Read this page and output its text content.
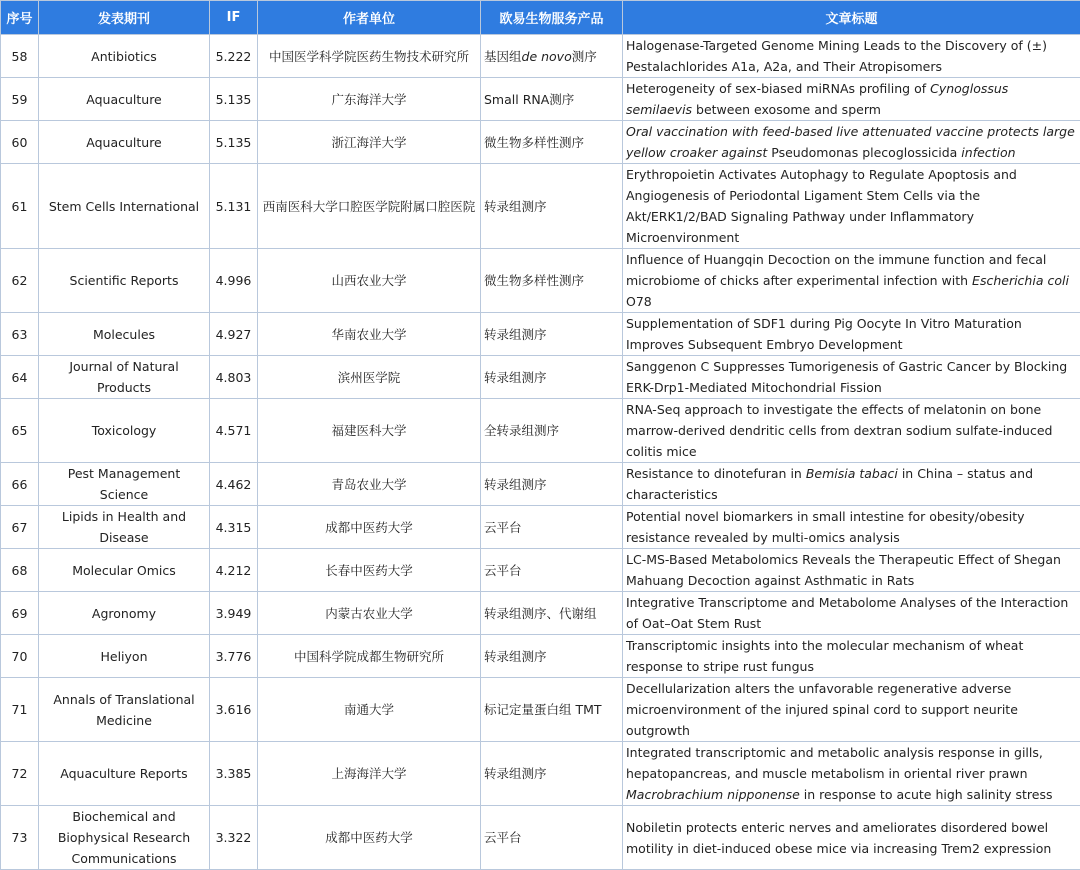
序号	发表期刊	IF	作者单位	欧易生物服务产品	文章标题
58	Antibiotics	5.222	中国医学科学院医药生物技术研究所	基因组de novo测序	Halogenase-Targeted Genome Mining Leads to the Discovery of (±) Pestalachlorides A1a, A2a, and Their Atropisomers
59	Aquaculture	5.135	广东海洋大学	Small RNA测序	Heterogeneity of sex-biased miRNAs profiling of Cynoglossus semilaevis between exosome and sperm
60	Aquaculture	5.135	浙江海洋大学	微生物多样性测序	Oral vaccination with feed-based live attenuated vaccine protects large yellow croaker against Pseudomonas plecoglossicida infection
61	Stem Cells International	5.131	西南医科大学口腔医学院附属口腔医院	转录组测序	Erythropoietin Activates Autophagy to Regulate Apoptosis and Angiogenesis of Periodontal Ligament Stem Cells via the Akt/ERK1/2/BAD Signaling Pathway under Inflammatory Microenvironment
62	Scientific Reports	4.996	山西农业大学	微生物多样性测序	Influence of Huangqin Decoction on the immune function and fecal microbiome of chicks after experimental infection with Escherichia coli O78
63	Molecules	4.927	华南农业大学	转录组测序	Supplementation of SDF1 during Pig Oocyte In Vitro Maturation Improves Subsequent Embryo Development
64	Journal of Natural Products	4.803	滨州医学院	转录组测序	Sanggenon C Suppresses Tumorigenesis of Gastric Cancer by Blocking ERK-Drp1-Mediated Mitochondrial Fission
65	Toxicology	4.571	福建医科大学	全转录组测序	RNA-Seq approach to investigate the effects of melatonin on bone marrow-derived dendritic cells from dextran sodium sulfate-induced colitis mice
66	Pest Management Science	4.462	青岛农业大学	转录组测序	Resistance to dinotefuran in Bemisia tabaci in China – status and characteristics
67	Lipids in Health and Disease	4.315	成都中医药大学	云平台	Potential novel biomarkers in small intestine for obesity/obesity resistance revealed by multi-omics analysis
68	Molecular Omics	4.212	长春中医药大学	云平台	LC-MS-Based Metabolomics Reveals the Therapeutic Effect of Shegan Mahuang Decoction against Asthmatic in Rats
69	Agronomy	3.949	内蒙古农业大学	转录组测序、代谢组	Integrative Transcriptome and Metabolome Analyses of the Interaction of Oat–Oat Stem Rust
70	Heliyon	3.776	中国科学院成都生物研究所	转录组测序	Transcriptomic insights into the molecular mechanism of wheat response to stripe rust fungus
71	Annals of Translational Medicine	3.616	南通大学	标记定量蛋白组 TMT	Decellularization alters the unfavorable regenerative adverse microenvironment of the injured spinal cord to support neurite outgrowth
72	Aquaculture Reports	3.385	上海海洋大学	转录组测序	Integrated transcriptomic and metabolic analysis response in gills, hepatopancreas, and muscle metabolism in oriental river prawn Macrobrachium nipponense in response to acute high salinity stress
73	Biochemical and Biophysical Research Communications	3.322	成都中医药大学	云平台	Nobiletin protects enteric nerves and ameliorates disordered bowel motility in diet-induced obese mice via increasing Trem2 expression
